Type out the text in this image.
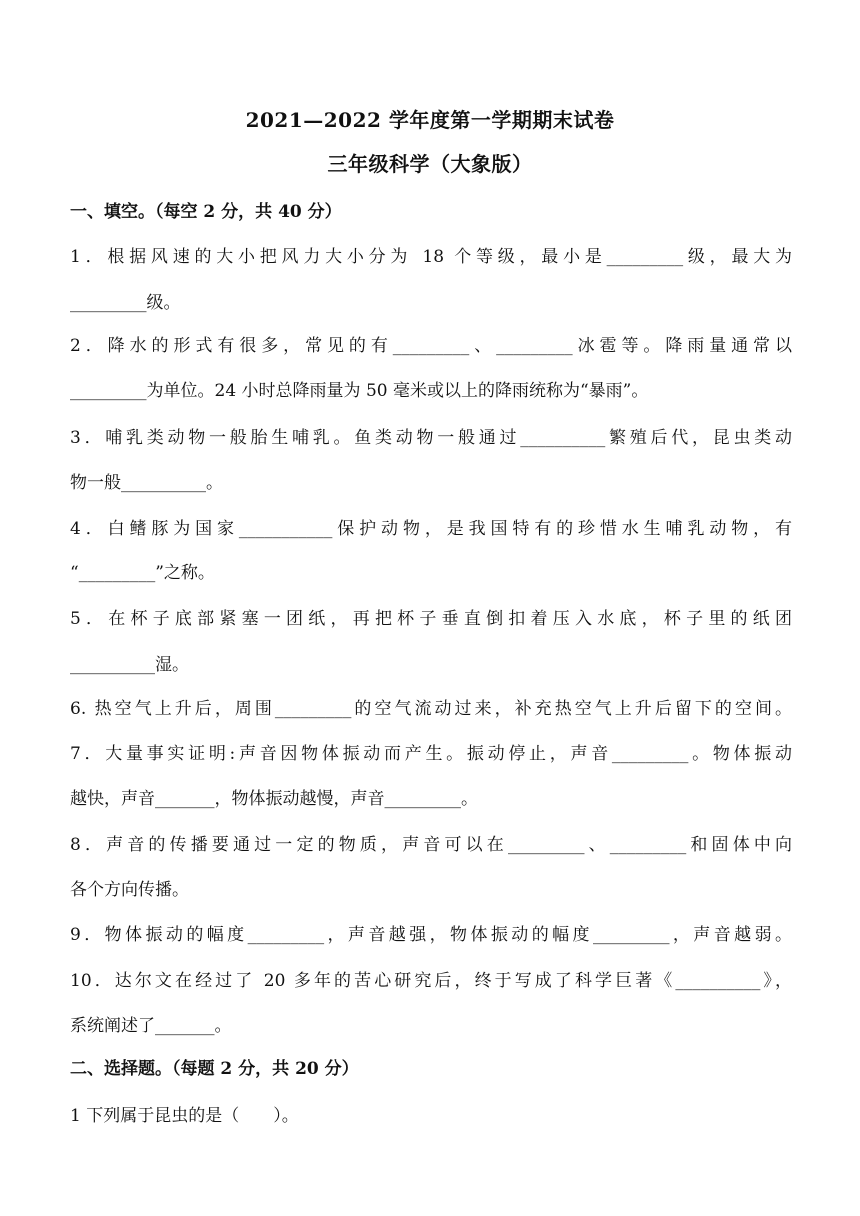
2021—2022 学年度第一学期期末试卷
三年级科学（大象版）
一、填空。（每空 2 分，共 40 分）
1．根据风速的大小把风力大小分为 18 个等级，最小是_________级，最大为
_________级。
2．降水的形式有很多，常见的有_________、_________冰雹等。降雨量通常以
_________为单位。24 小时总降雨量为 50 毫米或以上的降雨统称为“暴雨”。
3．哺乳类动物一般胎生哺乳。鱼类动物一般通过__________繁殖后代，昆虫类动
物一般__________。
4．白鳍豚为国家___________保护动物，是我国特有的珍惜水生哺乳动物，有
“_________”之称。
5．在杯子底部紧塞一团纸，再把杯子垂直倒扣着压入水底，杯子里的纸团
__________湿。
6. 热空气上升后，周围_________的空气流动过来，补充热空气上升后留下的空间。
7．大量事实证明:声音因物体振动而产生。振动停止，声音_________。物体振动
越快，声音_______，物体振动越慢，声音_________。
8．声音的传播要通过一定的物质，声音可以在_________、_________和固体中向
各个方向传播。
9．物体振动的幅度_________，声音越强，物体振动的幅度_________，声音越弱。
10．达尔文在经过了 20 多年的苦心研究后，终于写成了科学巨著《__________》，
系统阐述了_______。
二、选择题。（每题 2 分，共 20 分）
1 下列属于昆虫的是（　　）。
